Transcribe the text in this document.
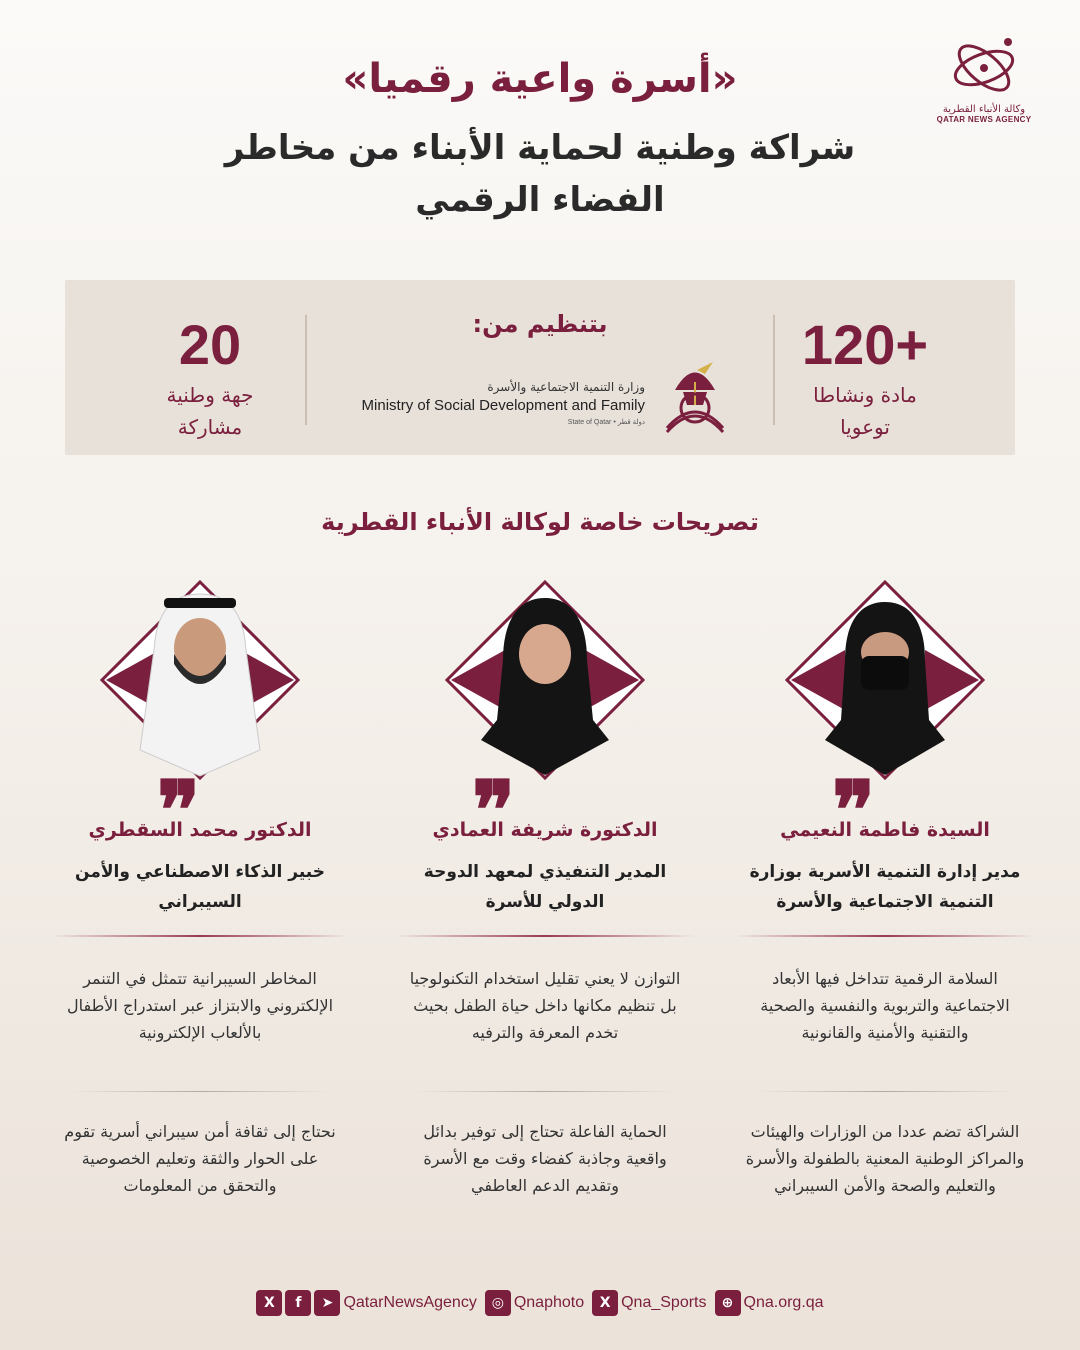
وكالة الأنباء القطرية
QATAR NEWS AGENCY
«أسرة واعية رقميا»
شراكة وطنية لحماية الأبناء من مخاطر الفضاء الرقمي
120+
مادة ونشاطا
توعويا
بتنظيم من:
وزارة التنمية الاجتماعية والأسرة
Ministry of Social Development and Family
State of Qatar • دولة قطر
20
جهة وطنية
مشاركة
تصريحات خاصة لوكالة الأنباء القطرية
❞
السيدة فاطمة النعيمي
مدير إدارة التنمية الأسرية بوزارة التنمية الاجتماعية والأسرة
السلامة الرقمية تتداخل فيها الأبعاد الاجتماعية والتربوية والنفسية والصحية والتقنية والأمنية والقانونية
الشراكة تضم عددا من الوزارات والهيئات والمراكز الوطنية المعنية بالطفولة والأسرة والتعليم والصحة والأمن السيبراني
❞
الدكتورة شريفة العمادي
المدير التنفيذي لمعهد الدوحة الدولي للأسرة
التوازن لا يعني تقليل استخدام التكنولوجيا بل تنظيم مكانها داخل حياة الطفل بحيث تخدم المعرفة والترفيه
الحماية الفاعلة تحتاج إلى توفير بدائل واقعية وجاذبة كفضاء وقت مع الأسرة وتقديم الدعم العاطفي
❞
الدكتور محمد السقطري
خبير الذكاء الاصطناعي والأمن السيبراني
المخاطر السيبرانية تتمثل في التنمر الإلكتروني والابتزاز عبر استدراج الأطفال بالألعاب الإلكترونية
نحتاج إلى ثقافة أمن سيبراني أسرية تقوم على الحوار والثقة وتعليم الخصوصية والتحقق من المعلومات
X f ➤ QatarNewsAgency ◎ Qnaphoto X Qna_Sports ⊕ Qna.org.qa
